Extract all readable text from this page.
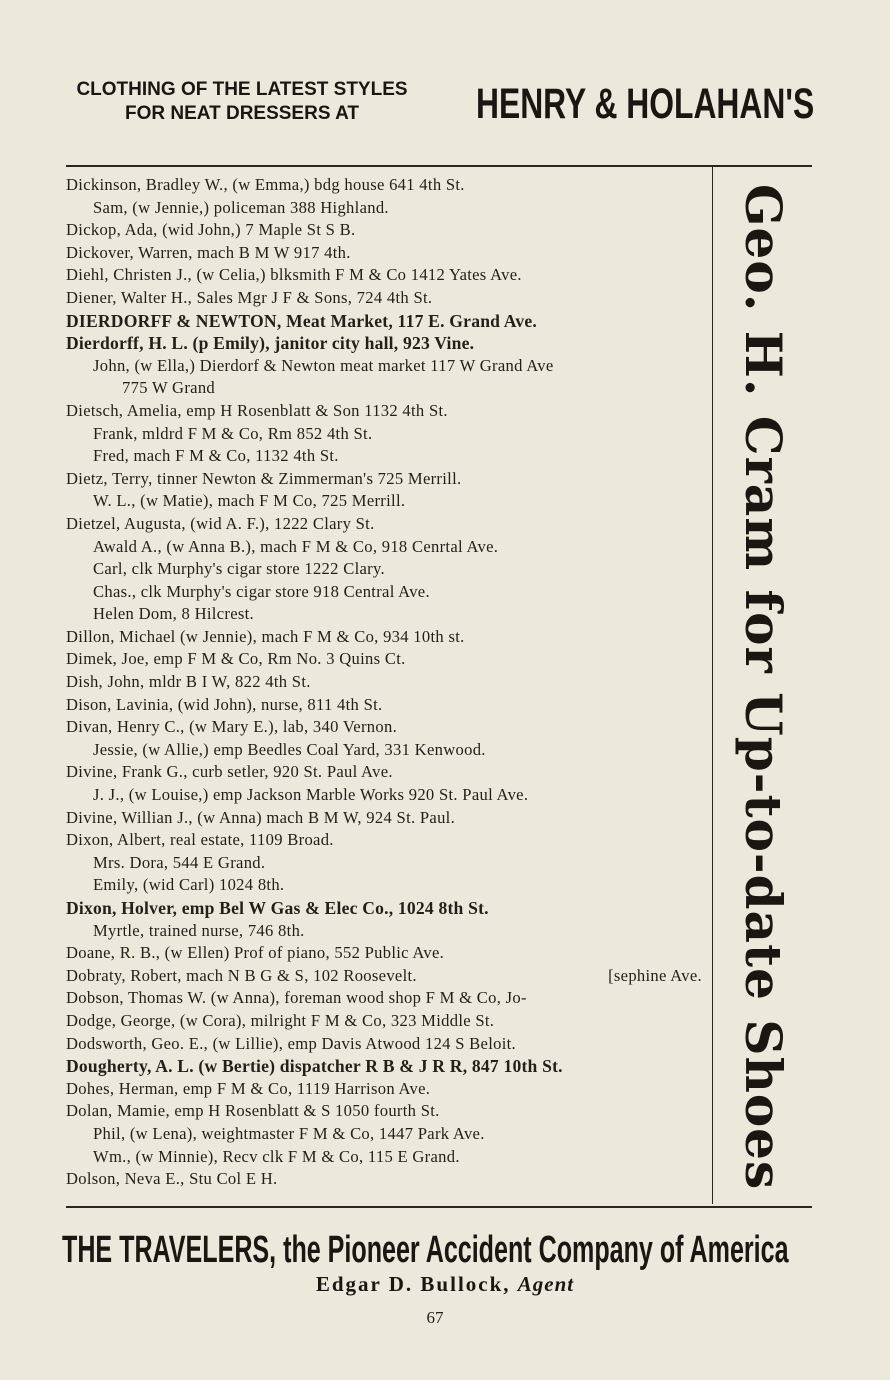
CLOTHING OF THE LATEST STYLES
FOR NEAT DRESSERS AT	HENRY & HOLAHAN'S
Geo. H. Cram for Up-to-date Shoes
Dickinson, Bradley W., (w Emma,) bdg house 641 4th St.
Sam, (w Jennie,) policeman 388 Highland.
Dickop, Ada, (wid John,) 7 Maple St S B.
Dickover, Warren, mach B M W 917 4th.
Diehl, Christen J., (w Celia,) blksmith F M & Co 1412 Yates Ave.
Diener, Walter H., Sales Mgr J F & Sons, 724 4th St.
DIERDORFF & NEWTON, Meat Market, 117 E. Grand Ave.
Dierdorff, H. L. (p Emily), janitor city hall, 923 Vine.
John, (w Ella,) Dierdorf & Newton meat market 117 W Grand Ave
775 W Grand
Dietsch, Amelia, emp H Rosenblatt & Son 1132 4th St.
Frank, mldrd F M & Co, Rm 852 4th St.
Fred, mach F M & Co, 1132 4th St.
Dietz, Terry, tinner Newton & Zimmerman's 725 Merrill.
W. L., (w Matie), mach F M Co, 725 Merrill.
Dietzel, Augusta, (wid A. F.), 1222 Clary St.
Awald A., (w Anna B.), mach F M & Co, 918 Cenrtal Ave.
Carl, clk Murphy's cigar store 1222 Clary.
Chas., clk Murphy's cigar store 918 Central Ave.
Helen Dom, 8 Hilcrest.
Dillon, Michael (w Jennie), mach F M & Co, 934 10th st.
Dimek, Joe, emp F M & Co, Rm No. 3 Quins Ct.
Dish, John, mldr B I W, 822 4th St.
Dison, Lavinia, (wid John), nurse, 811 4th St.
Divan, Henry C., (w Mary E.), lab, 340 Vernon.
Jessie, (w Allie,) emp Beedles Coal Yard, 331 Kenwood.
Divine, Frank G., curb setler, 920 St. Paul Ave.
J. J., (w Louise,) emp Jackson Marble Works 920 St. Paul Ave.
Divine, Willian J., (w Anna) mach B M W, 924 St. Paul.
Dixon, Albert, real estate, 1109 Broad.
Mrs. Dora, 544 E Grand.
Emily, (wid Carl) 1024 8th.
Dixon, Holver, emp Bel W Gas & Elec Co., 1024 8th St.
Myrtle, trained nurse, 746 8th.
Doane, R. B., (w Ellen) Prof of piano, 552 Public Ave.
Dobraty, Robert, mach N B G & S, 102 Roosevelt.	[sephine Ave.
Dobson, Thomas W. (w Anna), foreman wood shop F M & Co, Jo-
Dodge, George, (w Cora), milright F M & Co, 323 Middle St.
Dodsworth, Geo. E., (w Lillie), emp Davis Atwood 124 S Beloit.
Dougherty, A. L. (w Bertie) dispatcher R B & J R R, 847 10th St.
Dohes, Herman, emp F M & Co, 1119 Harrison Ave.
Dolan, Mamie, emp H Rosenblatt & S 1050 fourth St.
Phil, (w Lena), weightmaster F M & Co, 1447 Park Ave.
Wm., (w Minnie), Recv clk F M & Co, 115 E Grand.
Dolson, Neva E., Stu Col E H.
THE TRAVELERS, the Pioneer Accident Company of America
Edgar D. Bullock, Agent
67
